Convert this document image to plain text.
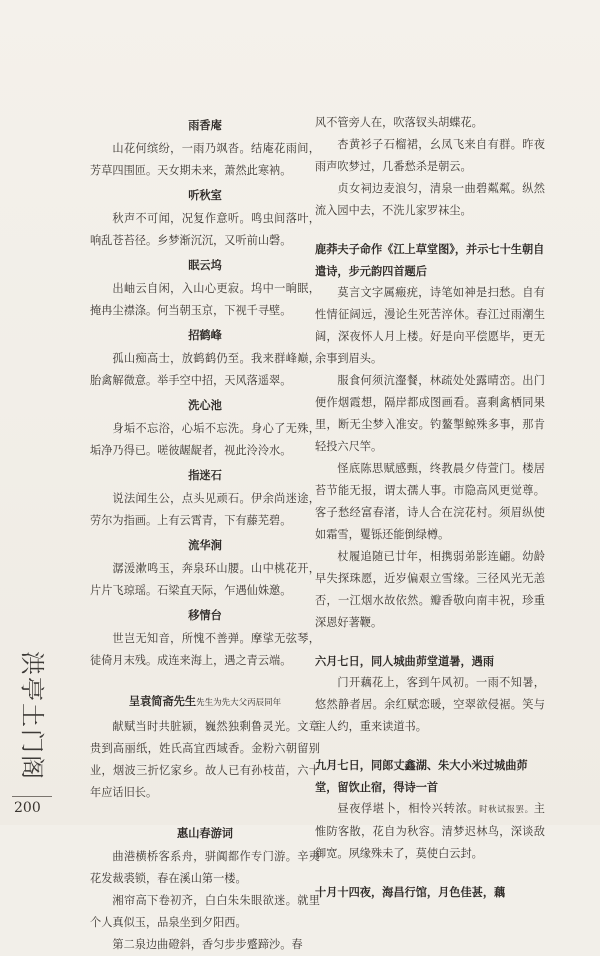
雨香庵

山花何缤纷，一雨乃飒沓。结庵花雨间，芳草四围匝。天女期未来，萧然此寒衲。

听秋室

秋声不可闻，况复作意听。鸣虫间落叶，响乱苍苔径。乡梦渐沉沉，又听前山磬。

眠云坞

出岫云自闲，入山心更寂。坞中一晌眠，掩冉尘襟涤。何当朝玉京，下视千寻壁。

招鹤峰

孤山痴高士，放鹤鹤仍至。我来群峰巅，胎禽解微意。举手空中招，天风落遥翠。

洗心池

身垢不忘浴，心垢不忘洗。身心了无殊，垢净乃得已。嗟彼龌龊者，视此泠泠水。

指迷石

说法闻生公，点头见顽石。伊余尚迷途，劳尔为指画。上有云霄青，下有藤芜碧。

流华涧

潺湲漱鸣玉，奔泉环山腰。山中桃花开，片片飞琼瑶。石梁直天际，乍遇仙姝邀。

移情台

世岂无知音，所愧不善弹。摩挲无弦琴，徒倚月末残。成连来海上，遇之青云端。

呈袁简斋先生先生为先大父丙辰同年

献赋当时共脏颍，巍然独剩鲁灵光。文章贵到高丽纸，姓氏高宜西域香。金粉六朝留别业，烟波三折忆家乡。故人已有孙枝苗，六十年应话旧长。

惠山春游词

曲港横桥客系舟，骈阗都作专门游。辛夷花发裁裘锁，春在溪山第一楼。

湘帘高下卷初齐，白白朱朱眼欲迷。就里个人真似玉，品泉坐到夕阳西。

第二泉边曲磴斜，香匀步步蹙蹄沙。春

风不管旁人在，吹落钗头胡蝶花。

杏黄衫子石榴裙，幺凤飞来自有群。昨夜雨声吹梦过，几番愁杀是朝云。

贞女祠边麦浪匀，清泉一曲碧粼粼。纵然流入园中去，不洗儿家罗袜尘。

鹿莽夫子命作《江上草堂图》，并示七十生朝自遣诗，步元韵四首题后

莫言文字属瘢疣，诗笔如神是扫愁。自有性情征阔远，漫论生死苦淬休。春江过雨潮生阔，深夜怀人月上楼。好是向平偿愿毕，更无余事到眉头。

服食何须沆瀣餐，林疏处处露晴峦。出门便作烟霞想，隔岸都成图画看。喜剩禽栖同果里，断无尘梦入准安。钓鳌掣鲸殊多事，那肯轻投六尺竿。

怪底陈思赋感甄，终教晨夕侍萱门。楼居苔节能无报，谓太孺人事。市隐高风更觉尊。客子愁经富春渚，诗人合在浣花村。须眉纵使如霜雪，矍铄还能倒绿樽。

杖履追随已廿年，相携弱弟影连翩。幼龄早失探珠愿，近岁偏艰立雪缘。三径风光无恙否，一江烟水故依然。瓣香敬向南丰祝，珍重深恩好著鞭。

六月七日，同人城曲茆堂道暑，遇雨

门开藕花上，客到午风初。一雨不知暑，悠然静者居。余红赋恋暖，空翠欲侵裾。笑与主人约，重来读道书。

九月七日，同郎丈鑫湖、朱大小米过城曲茆堂，留饮止宿，得诗一首

昼夜俘堪卜，相怜兴转浓。时秋试报罢。主惟防客散，花自为秋容。清梦迟林鸟，深谈敌御宽。夙缘殊未了，莫使白云封。

十月十四夜，海昌行馆，月色佳甚，藕
洪
亭
土
门
阁
200
